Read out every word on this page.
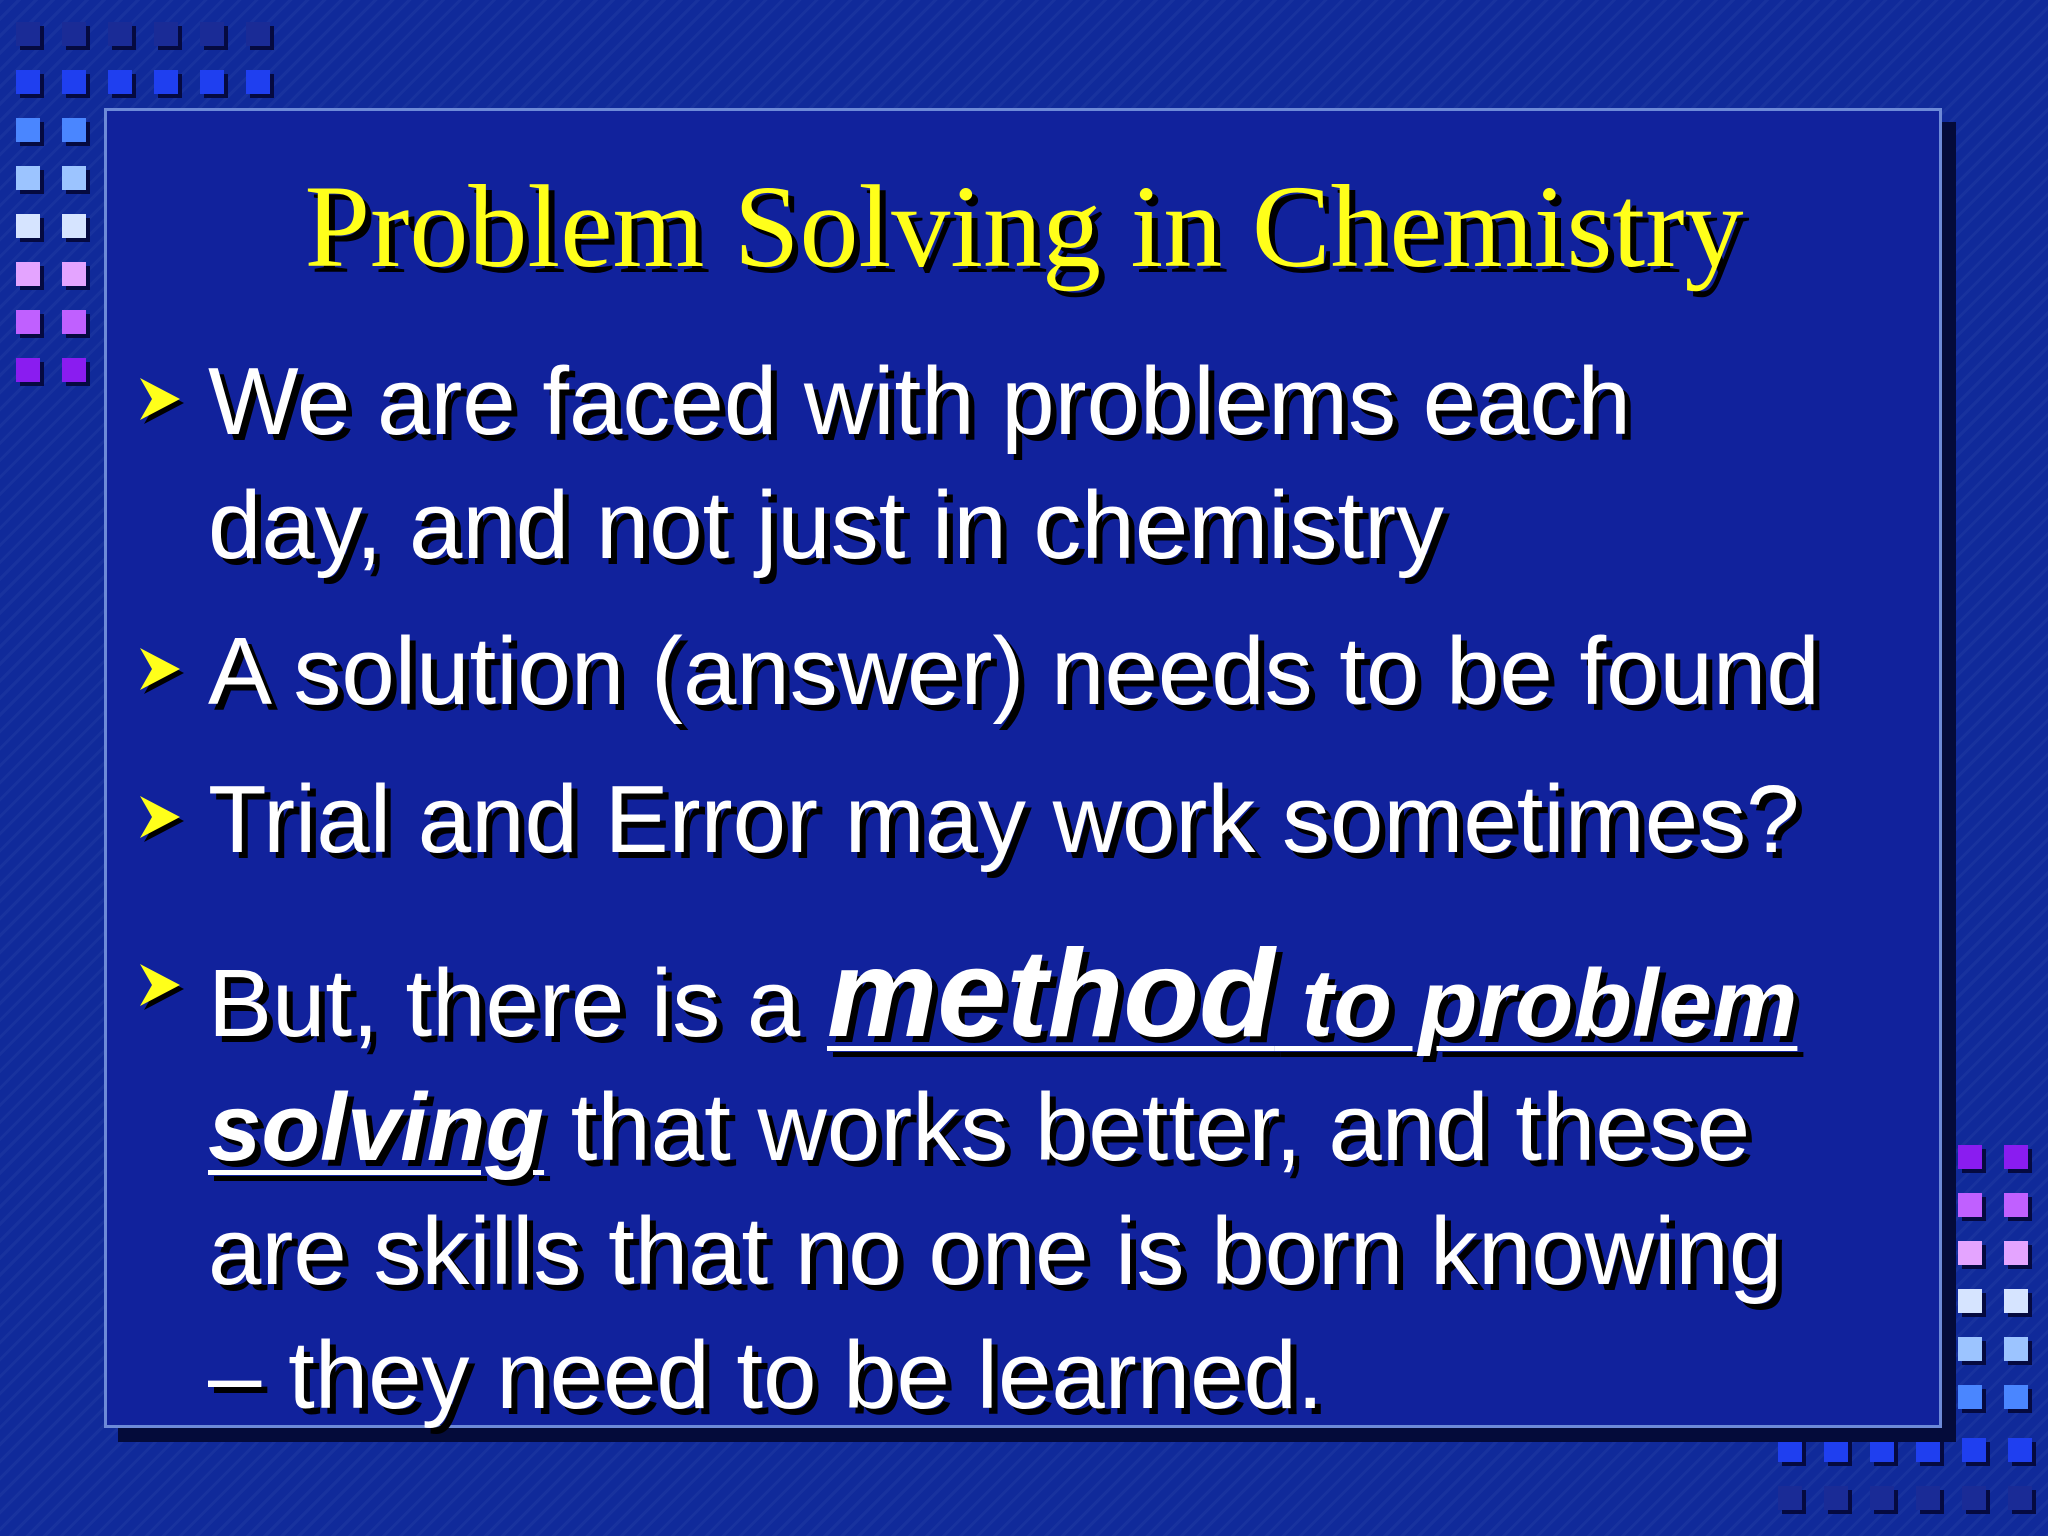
Problem Solving in Chemistry
We are faced with problems each
day, and not just in chemistry
A solution (answer) needs to be found
Trial and Error may work sometimes?
But, there is a method to problem
solving that works better, and these
are skills that no one is born knowing
– they need to be learned.
